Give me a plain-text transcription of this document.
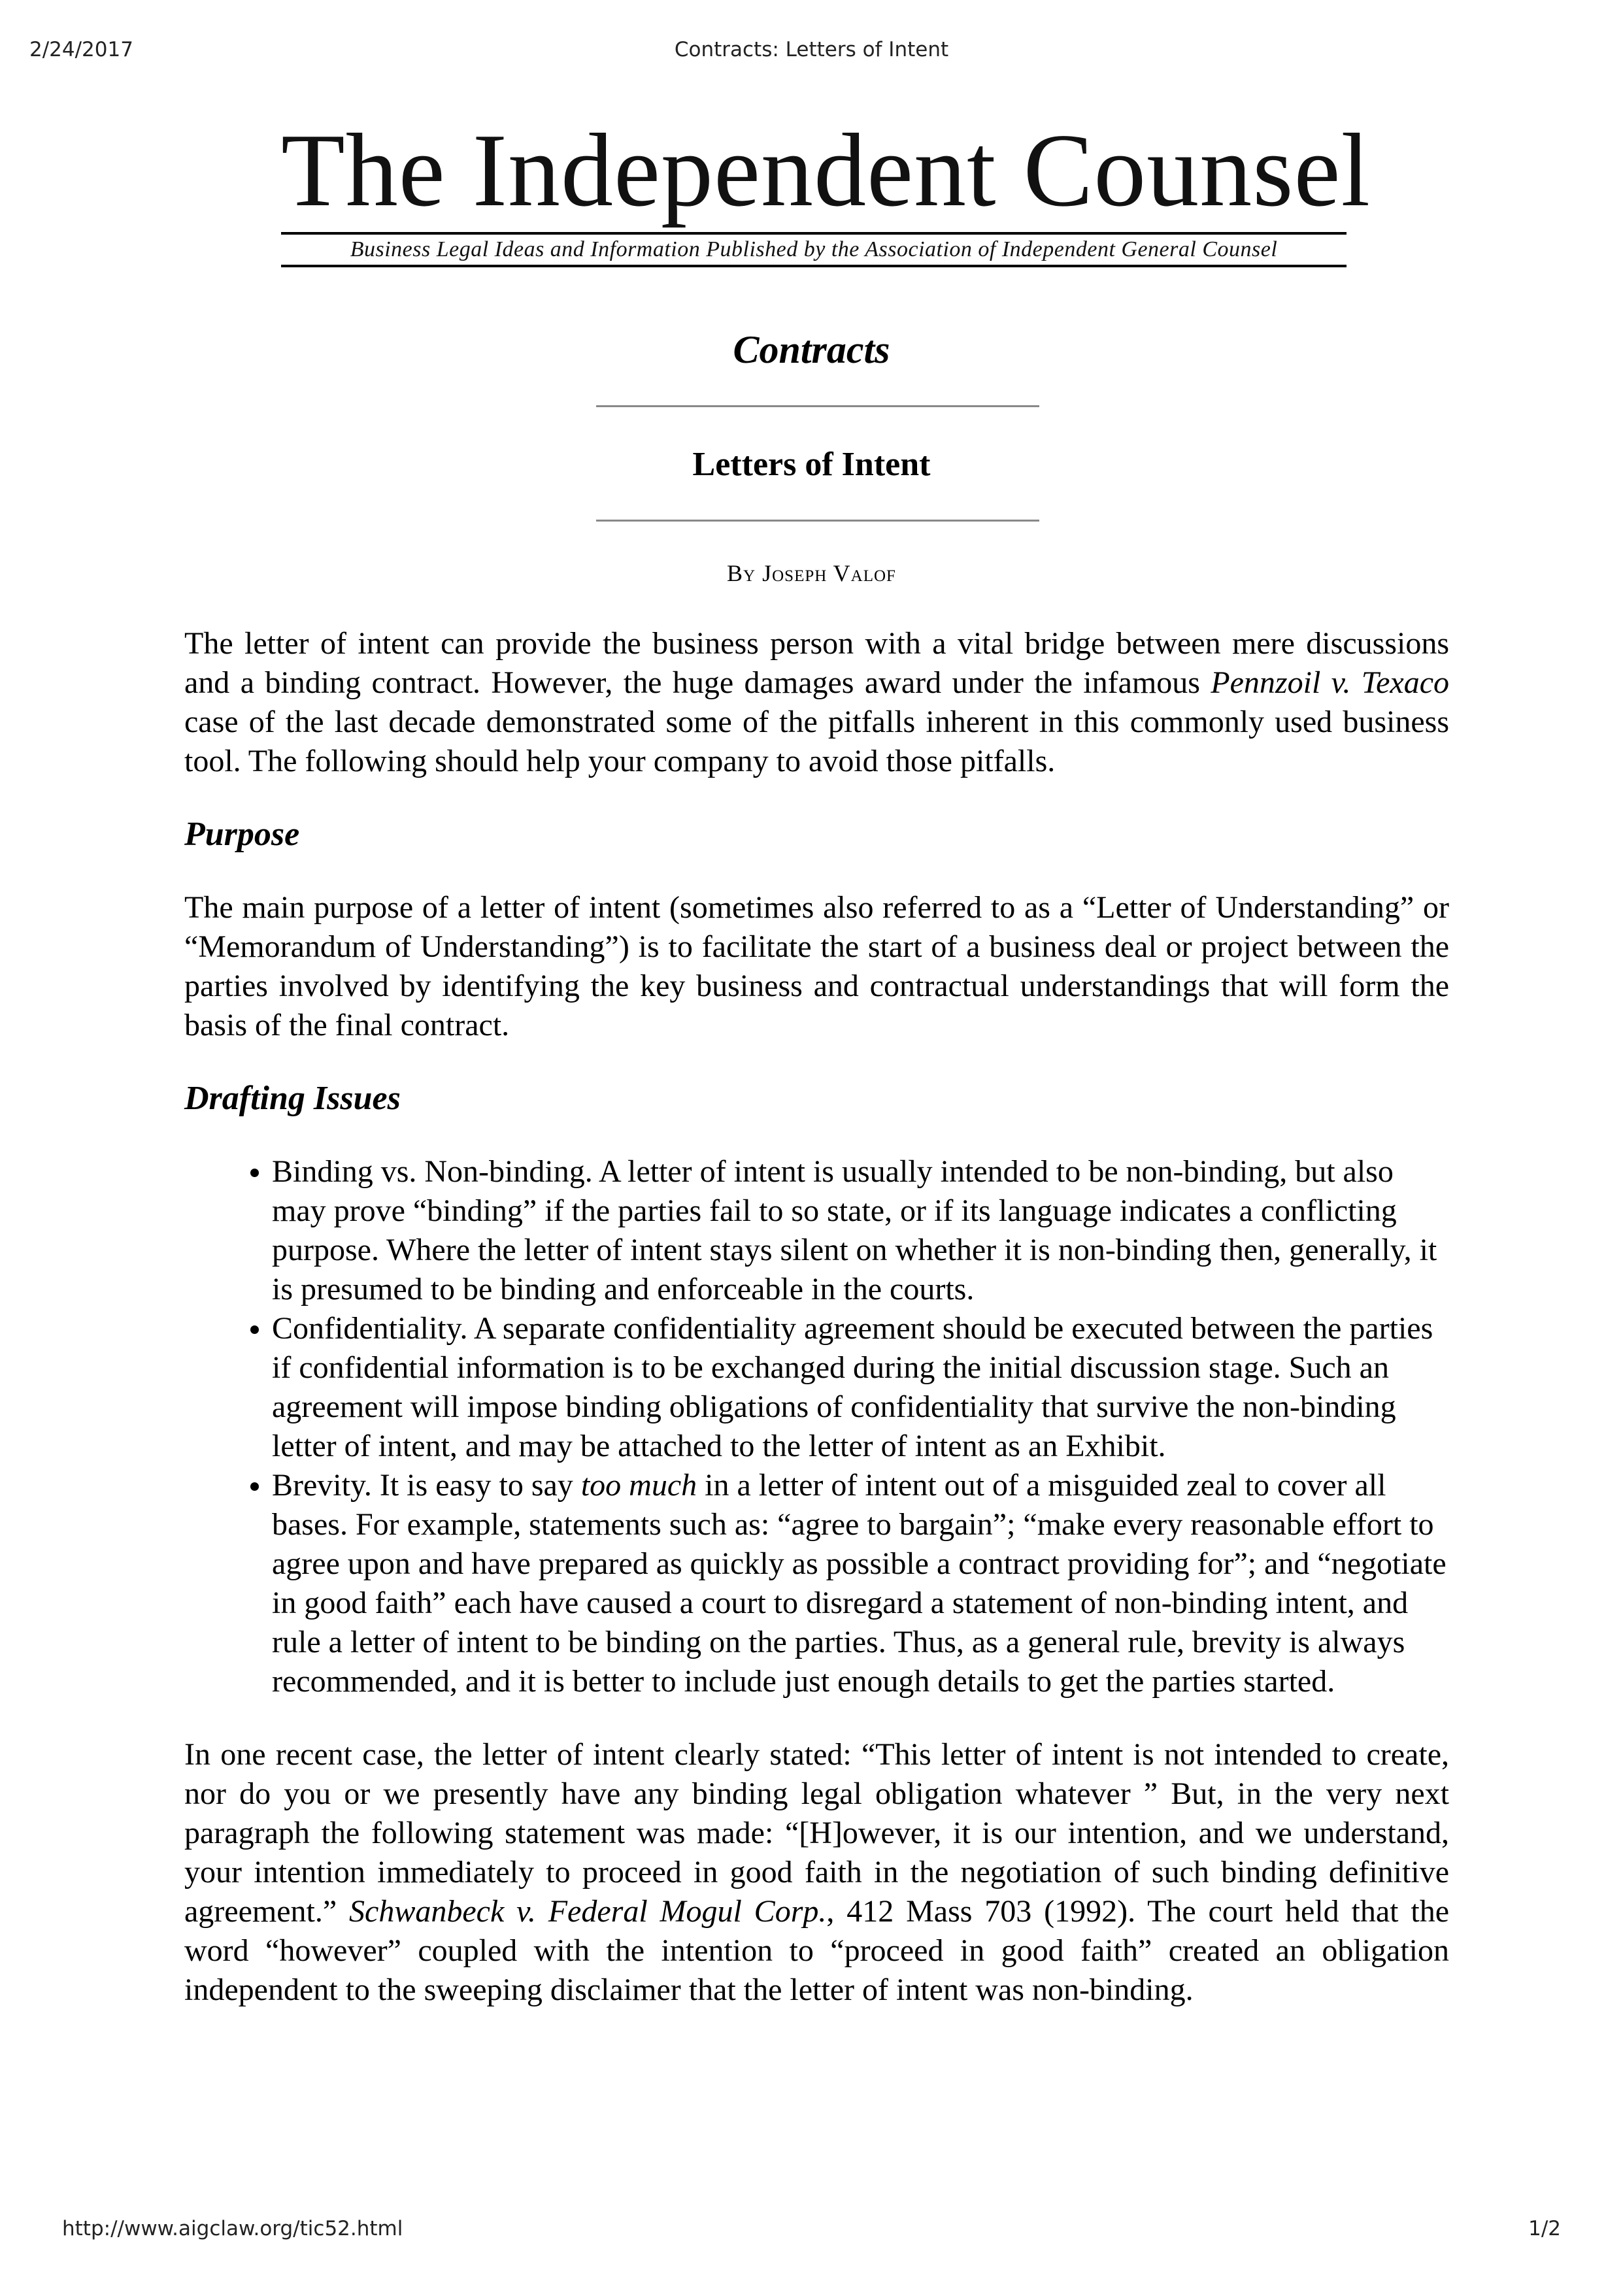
2/24/2017	Contracts: Letters of Intent
The Independent Counsel
Business Legal Ideas and Information Published by the Association of Independent General Counsel
Contracts
Letters of Intent
By Joseph Valof

The letter of intent can provide the business person with a vital bridge between mere discussions and a binding contract. However, the huge damages award under the infamous Pennzoil v. Texaco case of the last decade demonstrated some of the pitfalls inherent in this commonly used business tool. The following should help your company to avoid those pitfalls.

Purpose

The main purpose of a letter of intent (sometimes also referred to as a “Letter of Understanding” or “Memorandum of Understanding”) is to facilitate the start of a business deal or project between the parties involved by identifying the key business and contractual understandings that will form the basis of the final contract.

Drafting Issues
• Binding vs. Non-binding. A letter of intent is usually intended to be non-binding, but also may prove “binding” if the parties fail to so state, or if its language indicates a conflicting purpose. Where the letter of intent stays silent on whether it is non-binding then, generally, it is presumed to be binding and enforceable in the courts.
• Confidentiality. A separate confidentiality agreement should be executed between the parties if confidential information is to be exchanged during the initial discussion stage. Such an agreement will impose binding obligations of confidentiality that survive the non-binding letter of intent, and may be attached to the letter of intent as an Exhibit.
• Brevity. It is easy to say too much in a letter of intent out of a misguided zeal to cover all bases. For example, statements such as: “agree to bargain”; “make every reasonable effort to agree upon and have prepared as quickly as possible a contract providing for”; and “negotiate in good faith” each have caused a court to disregard a statement of non-binding intent, and rule a letter of intent to be binding on the parties. Thus, as a general rule, brevity is always recommended, and it is better to include just enough details to get the parties started.

In one recent case, the letter of intent clearly stated: “This letter of intent is not intended to create, nor do you or we presently have any binding legal obligation whatever ” But, in the very next paragraph the following statement was made: “[H]owever, it is our intention, and we understand, your intention immediately to proceed in good faith in the negotiation of such binding definitive agreement.” Schwanbeck v. Federal Mogul Corp., 412 Mass 703 (1992). The court held that the word “however” coupled with the intention to “proceed in good faith” created an obligation independent to the sweeping disclaimer that the letter of intent was non-binding.

http://www.aigclaw.org/tic52.html	1/2
